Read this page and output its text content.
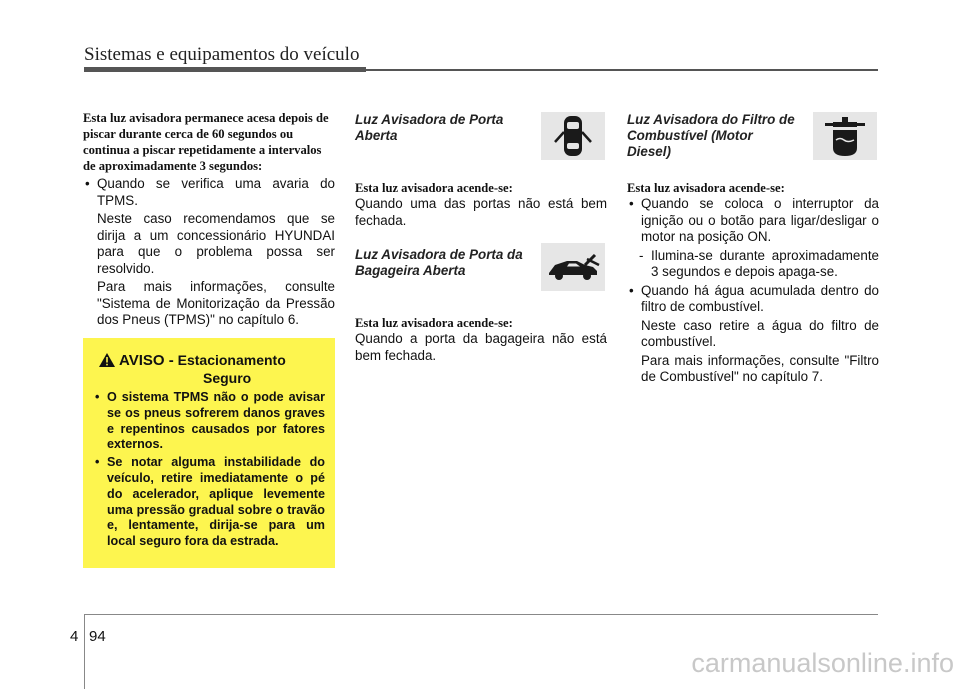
Sistemas e equipamentos do veículo
Esta luz avisadora permanece acesa depois de piscar durante cerca de 60 segundos ou continua a piscar repetidamente a intervalos de aproximadamente 3 segundos:
• Quando se verifica uma avaria do TPMS.
Neste caso recomendamos que se dirija a um concessionário HYUNDAI para que o problema possa ser resolvido.
Para mais informações, consulte "Sistema de Monitorização da Pressão dos Pneus (TPMS)" no capítulo 6.
AVISO - Estacionamento
Seguro
• O sistema TPMS não o pode avisar se os pneus sofrerem danos graves e repentinos causados por fatores externos.
• Se notar alguma instabilidade do veículo, retire imediatamente o pé do acelerador, aplique levemente uma pressão gradual sobre o travão e, lentamente, dirija-se para um local seguro fora da estrada.
Luz Avisadora de Porta Aberta
Esta luz avisadora acende-se:
Quando uma das portas não está bem fechada.
Luz Avisadora de Porta da Bagageira Aberta
Esta luz avisadora acende-se:
Quando a porta da bagageira não está bem fechada.
Luz Avisadora do Filtro de Combustível (Motor Diesel)
Esta luz avisadora acende-se:
• Quando se coloca o interruptor da ignição ou o botão para ligar/desligar o motor na posição ON.
- Ilumina-se durante aproximadamente 3 segundos e depois apaga-se.
• Quando há água acumulada dentro do filtro de combustível.
Neste caso retire a água do filtro de combustível.
Para mais informações, consulte "Filtro de Combustível" no capítulo 7.
4 94
carmanualsonline.info
